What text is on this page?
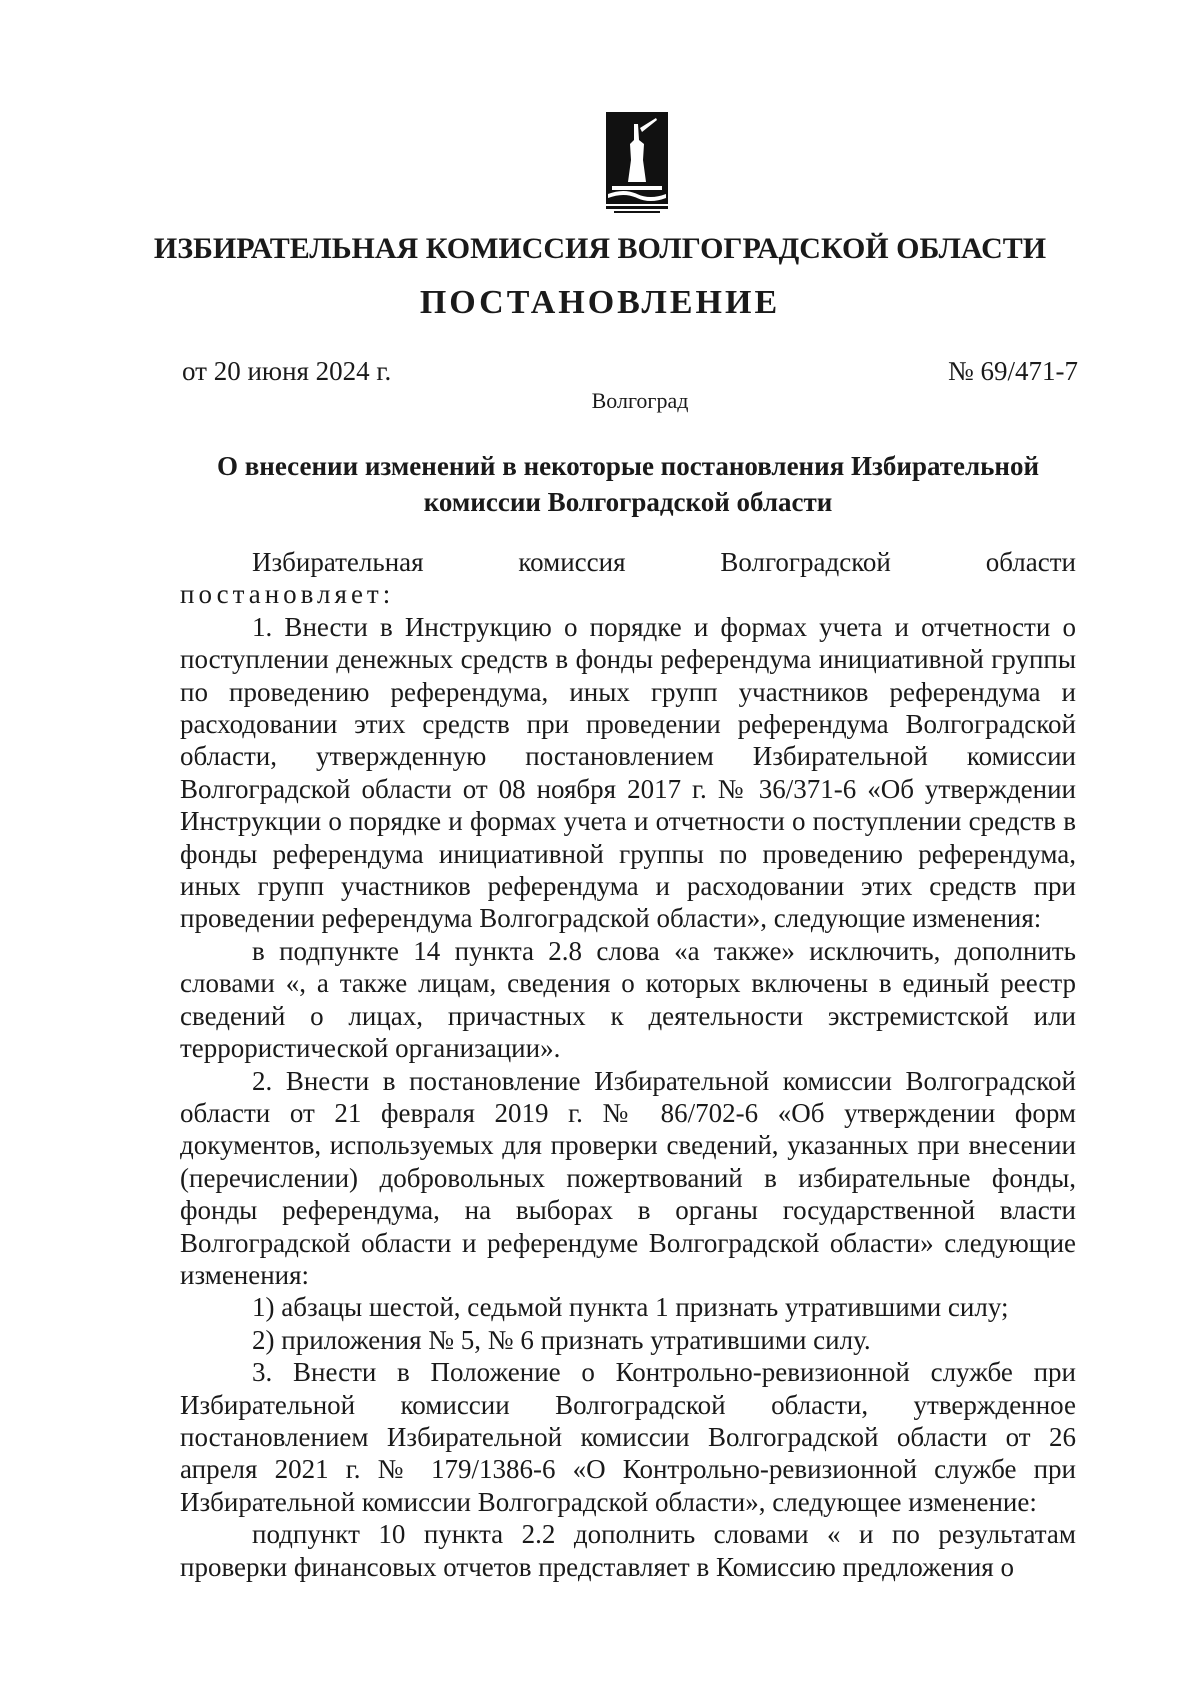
ИЗБИРАТЕЛЬНАЯ КОМИССИЯ ВОЛГОГРАДСКОЙ ОБЛАСТИ
ПОСТАНОВЛЕНИЕ
от 20 июня 2024 г.	№ 69/471-7
Волгоград
О внесении изменений в некоторые постановления Избирательной
комиссии Волгоградской области

Избирательная комиссия Волгоградской области

постановляет:

1. Внести в Инструкцию о порядке и формах учета и отчетности о поступлении денежных средств в фонды референдума инициативной группы по проведению референдума, иных групп участников референдума и расходовании этих средств при проведении референдума Волгоградской области, утвержденную постановлением Избирательной комиссии Волгоградской области от 08 ноября 2017 г. № 36/371-6 «Об утверждении Инструкции о порядке и формах учета и отчетности о поступлении средств в фонды референдума инициативной группы по проведению референдума, иных групп участников референдума и расходовании этих средств при проведении референдума Волгоградской области», следующие изменения:

в подпункте 14 пункта 2.8 слова «а также» исключить, дополнить словами «, а также лицам, сведения о которых включены в единый реестр сведений о лицах, причастных к деятельности экстремистской или террористической организации».

2. Внести в постановление Избирательной комиссии Волгоградской области от 21 февраля 2019 г. № 86/702-6 «Об утверждении форм документов, используемых для проверки сведений, указанных при внесении (перечислении) добровольных пожертвований в избирательные фонды, фонды референдума, на выборах в органы государственной власти Волгоградской области и референдуме Волгоградской области» следующие изменения:

1) абзацы шестой, седьмой пункта 1 признать утратившими силу;

2) приложения № 5, № 6 признать утратившими силу.

3. Внести в Положение о Контрольно-ревизионной службе при Избирательной комиссии Волгоградской области, утвержденное постановлением Избирательной комиссии Волгоградской области от 26 апреля 2021 г. № 179/1386-6 «О Контрольно-ревизионной службе при Избирательной комиссии Волгоградской области», следующее изменение:

подпункт 10 пункта 2.2 дополнить словами « и по результатам проверки финансовых отчетов представляет в Комиссию предложения о
